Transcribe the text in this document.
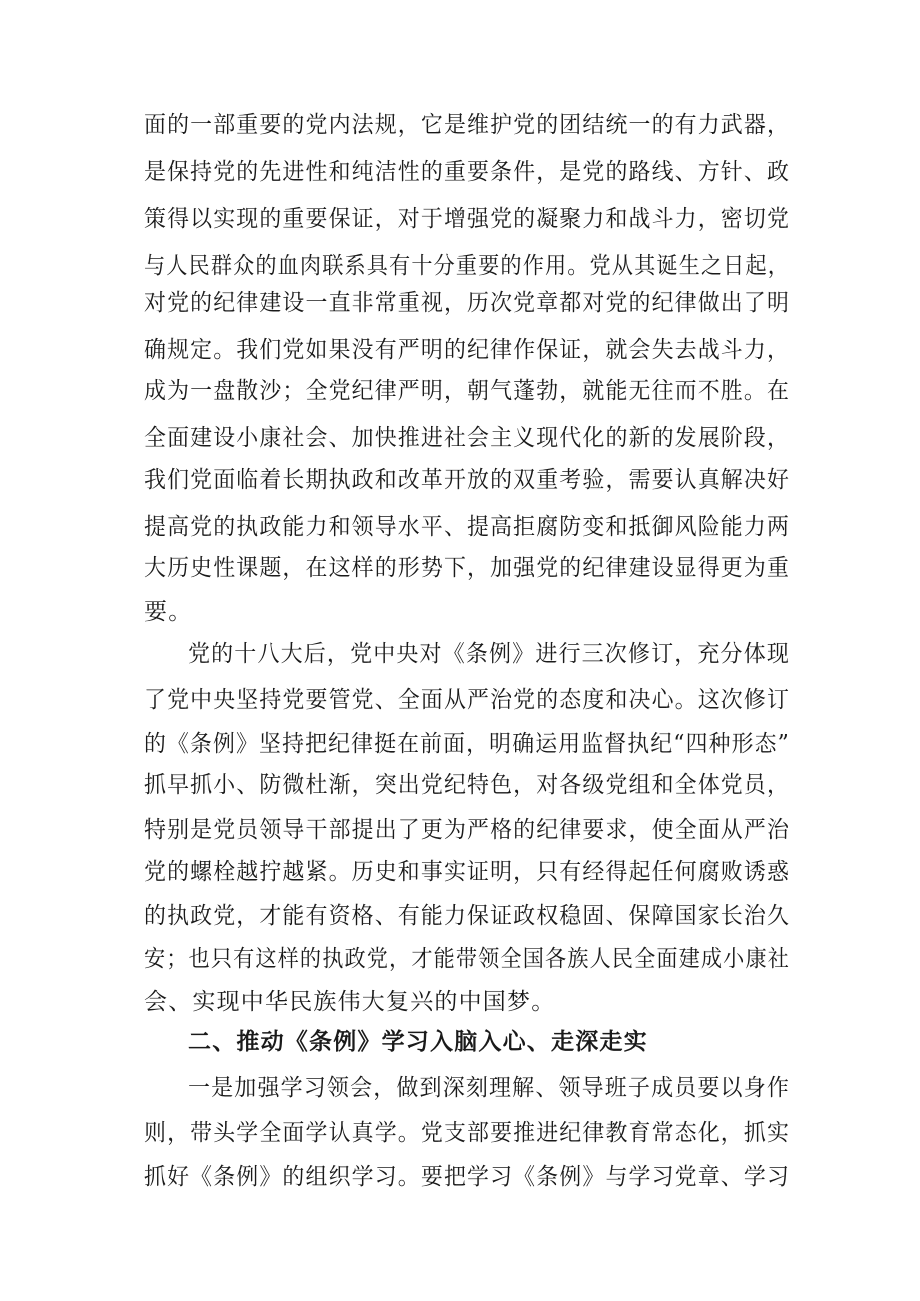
面的一部重要的党内法规，它是维护党的团结统一的有力武器，
是保持党的先进性和纯洁性的重要条件，是党的路线、方针、政
策得以实现的重要保证，对于增强党的凝聚力和战斗力，密切党
与人民群众的血肉联系具有十分重要的作用。党从其诞生之日起，
对党的纪律建设一直非常重视，历次党章都对党的纪律做出了明
确规定。我们党如果没有严明的纪律作保证，就会失去战斗力，
成为一盘散沙；全党纪律严明，朝气蓬勃，就能无往而不胜。在
全面建设小康社会、加快推进社会主义现代化的新的发展阶段，
我们党面临着长期执政和改革开放的双重考验，需要认真解决好
提高党的执政能力和领导水平、提高拒腐防变和抵御风险能力两
大历史性课题，在这样的形势下，加强党的纪律建设显得更为重
要。
党的十八大后，党中央对《条例》进行三次修订，充分体现
了党中央坚持党要管党、全面从严治党的态度和决心。这次修订
的《条例》坚持把纪律挺在前面，明确运用监督执纪“四种形态”
抓早抓小、防微杜渐，突出党纪特色，对各级党组和全体党员，
特别是党员领导干部提出了更为严格的纪律要求，使全面从严治
党的螺栓越拧越紧。历史和事实证明，只有经得起任何腐败诱惑
的执政党，才能有资格、有能力保证政权稳固、保障国家长治久
安；也只有这样的执政党，才能带领全国各族人民全面建成小康社
会、实现中华民族伟大复兴的中国梦。
二、推动《条例》学习入脑入心、走深走实
一是加强学习领会，做到深刻理解、领导班子成员要以身作
则，带头学全面学认真学。党支部要推进纪律教育常态化，抓实
抓好《条例》的组织学习。要把学习《条例》与学习党章、学习
